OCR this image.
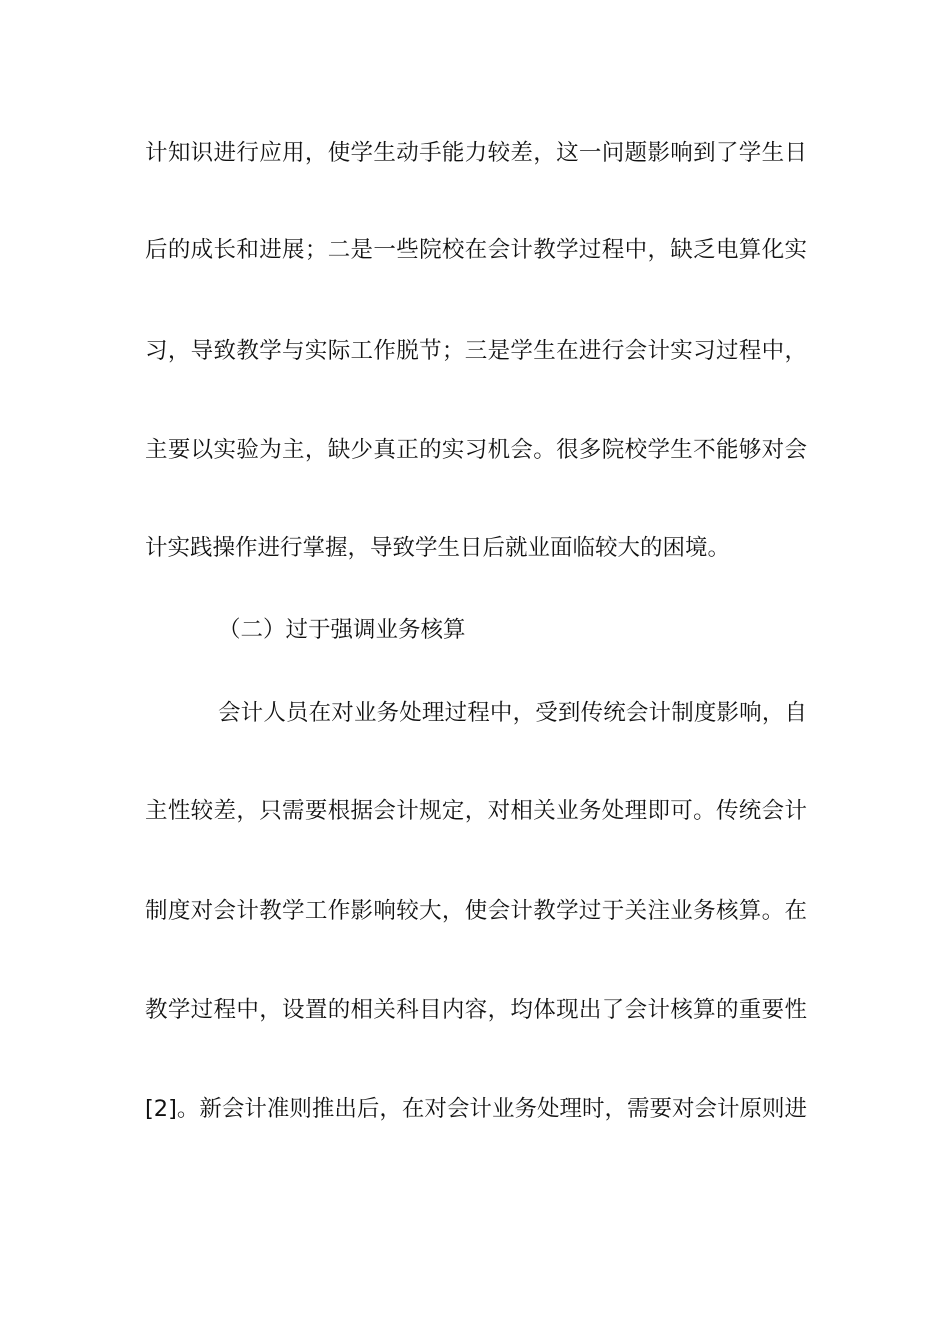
计知识进行应用，使学生动手能力较差，这一问题影响到了学生日
后的成长和进展；二是一些院校在会计教学过程中，缺乏电算化实
习，导致教学与实际工作脱节；三是学生在进行会计实习过程中，
主要以实验为主，缺少真正的实习机会。很多院校学生不能够对会
计实践操作进行掌握，导致学生日后就业面临较大的困境。
（二）过于强调业务核算
会计人员在对业务处理过程中，受到传统会计制度影响，自
主性较差，只需要根据会计规定，对相关业务处理即可。传统会计
制度对会计教学工作影响较大，使会计教学过于关注业务核算。在
教学过程中，设置的相关科目内容，均体现出了会计核算的重要性
[2]。新会计准则推出后，在对会计业务处理时，需要对会计原则进
